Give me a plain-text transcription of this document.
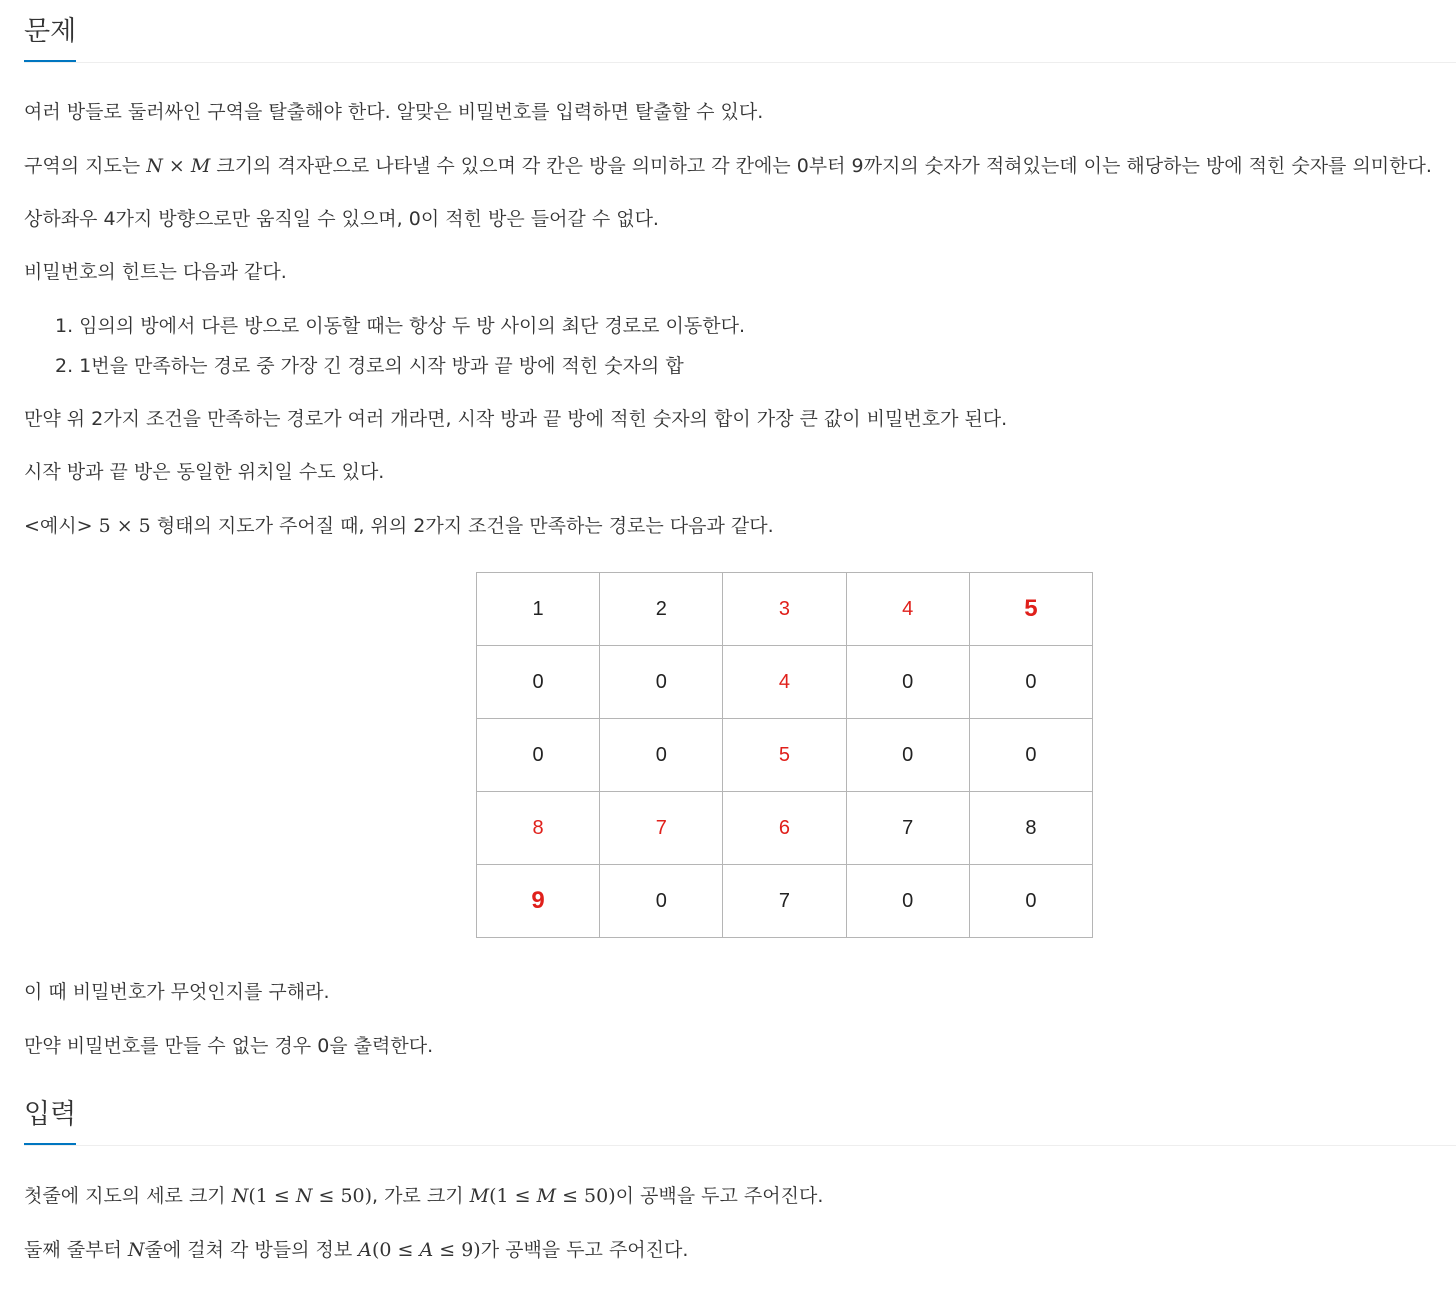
문제

여러 방들로 둘러싸인 구역을 탈출해야 한다. 알맞은 비밀번호를 입력하면 탈출할 수 있다.

구역의 지도는 N × M 크기의 격자판으로 나타낼 수 있으며 각 칸은 방을 의미하고 각 칸에는 0부터 9까지의 숫자가 적혀있는데 이는 해당하는 방에 적힌 숫자를 의미한다.

상하좌우 4가지 방향으로만 움직일 수 있으며, 0이 적힌 방은 들어갈 수 없다.

비밀번호의 힌트는 다음과 같다.

1. 임의의 방에서 다른 방으로 이동할 때는 항상 두 방 사이의 최단 경로로 이동한다.

2. 1번을 만족하는 경로 중 가장 긴 경로의 시작 방과 끝 방에 적힌 숫자의 합

만약 위 2가지 조건을 만족하는 경로가 여러 개라면, 시작 방과 끝 방에 적힌 숫자의 합이 가장 큰 값이 비밀번호가 된다.

시작 방과 끝 방은 동일한 위치일 수도 있다.

<예시> 5 × 5 형태의 지도가 주어질 때, 위의 2가지 조건을 만족하는 경로는 다음과 같다.

1	2	3	4	5
0	0	4	0	0
0	0	5	0	0
8	7	6	7	8
9	0	7	0	0

이 때 비밀번호가 무엇인지를 구해라.

만약 비밀번호를 만들 수 없는 경우 0을 출력한다.

입력

첫줄에 지도의 세로 크기 N(1 ≤ N ≤ 50), 가로 크기 M(1 ≤ M ≤ 50)이 공백을 두고 주어진다.

둘째 줄부터 N줄에 걸쳐 각 방들의 정보 A(0 ≤ A ≤ 9)가 공백을 두고 주어진다.
